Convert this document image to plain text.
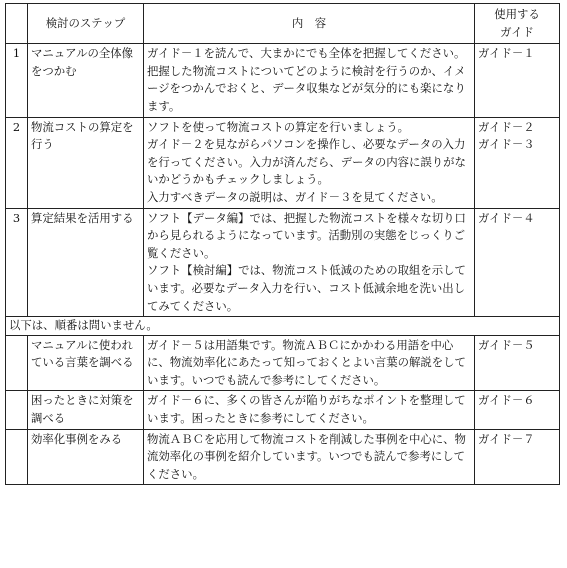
	検討のステップ	内　容	使用する
ガイド

1	マニュアルの全体像をつかむ	ガイド－１を読んで、大まかにでも全体を把握してください。把握した物流コストについてどのように検討を行うのか、イメージをつかんでおくと、データ収集などが気分的にも楽になります。	ガイド－１

2	物流コストの算定を行う	ソフトを使って物流コストの算定を行いましょう。
ガイド－２を見ながらパソコンを操作し、必要なデータの入力を行ってください。入力が済んだら、データの内容に誤りがないかどうかもチェックしましょう。
入力すべきデータの説明は、ガイド－３を見てください。	ガイド－２
ガイド－３

3	算定結果を活用する	ソフト【データ編】では、把握した物流コストを様々な切り口から見られるようになっています。活動別の実態をじっくりご覧ください。
ソフト【検討編】では、物流コスト低減のための取組を示しています。必要なデータ入力を行い、コスト低減余地を洗い出してみてください。	ガイド－４

以下は、順番は問いません。			
	マニュアルに使われている言葉を調べる	ガイド－５は用語集です。物流ＡＢＣにかかわる用語を中心に、物流効率化にあたって知っておくとよい言葉の解説をしています。いつでも読んで参考にしてください。	ガイド－５

	困ったときに対策を調べる	ガイド－６に、多くの皆さんが陥りがちなポイントを整理しています。困ったときに参考にしてください。	ガイド－６

	効率化事例をみる	物流ＡＢＣを応用して物流コストを削減した事例を中心に、物流効率化の事例を紹介しています。いつでも読んで参考にしてください。	ガイド－７
